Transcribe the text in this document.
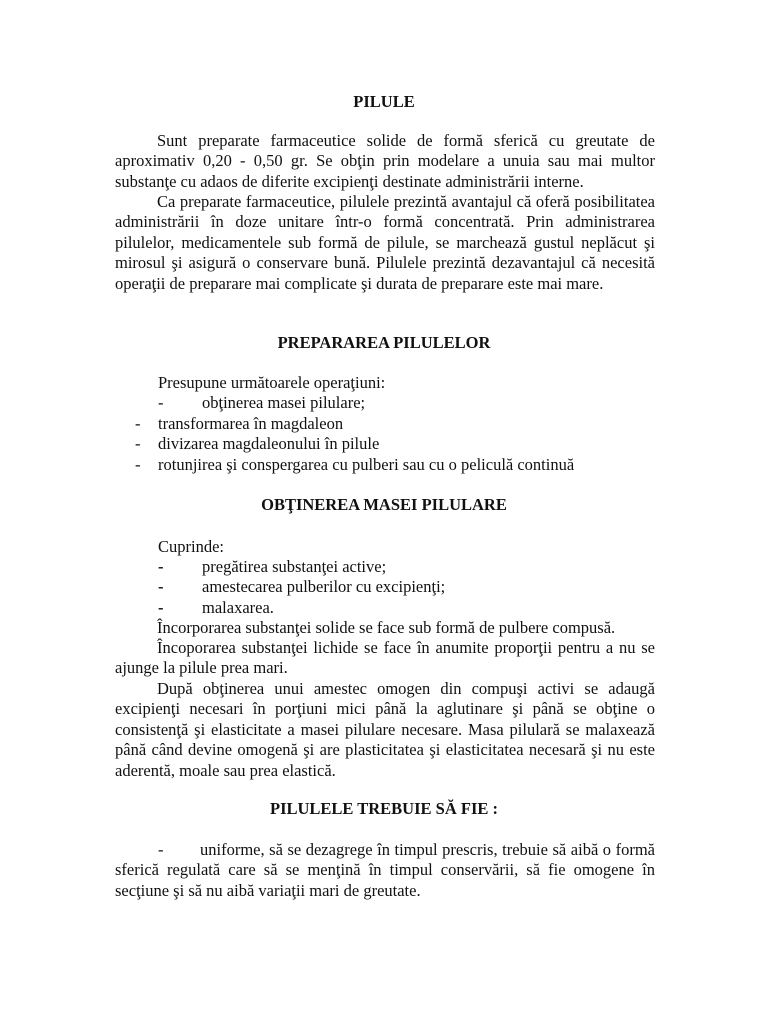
PILULE

Sunt preparate farmaceutice solide de formă sferică cu greutate de aproximativ 0,20 - 0,50 gr. Se obţin prin modelare a unuia sau mai multor substanţe cu adaos de diferite excipienţi destinate administrării interne.

Ca preparate farmaceutice, pilulele prezintă avantajul că oferă posibilitatea administrării în doze unitare într-o formă concentrată. Prin administrarea pilulelor, medicamentele sub formă de pilule, se marchează gustul neplăcut şi mirosul şi asigură o conservare bună. Pilulele prezintă dezavantajul că necesită operaţii de preparare mai complicate şi durata de preparare este mai mare.

PREPARAREA PILULELOR

Presupune următoarele operaţiuni:

- obţinerea masei pilulare;
- transformarea în magdaleon
- divizarea magdaleonului în pilule
- rotunjirea şi conspergarea cu pulberi sau cu o peliculă continuă
OBŢINEREA MASEI PILULARE

Cuprinde:

- pregătirea substanţei active;
- amestecarea pulberilor cu excipienţi;
- malaxarea.

Încorporarea substanţei solide se face sub formă de pulbere compusă.

Încoporarea substanţei lichide se face în anumite proporţii pentru a nu se ajunge la pilule prea mari.

După obţinerea unui amestec omogen din compuşi activi se adaugă excipienţi necesari în porţiuni mici până la aglutinare şi până se obţine o consistenţă şi elasticitate a masei pilulare necesare. Masa pilulară se malaxează până când devine omogenă şi are plasticitatea şi elasticitatea necesară şi nu este aderentă, moale sau prea elastică.

PILULELE TREBUIE SĂ FIE :
-	uniforme, să se dezagrege în timpul prescris, trebuie să aibă o formă sferică regulată care să se menţină în timpul conservării, să fie omogene în secţiune şi să nu aibă variaţii mari de greutate.
